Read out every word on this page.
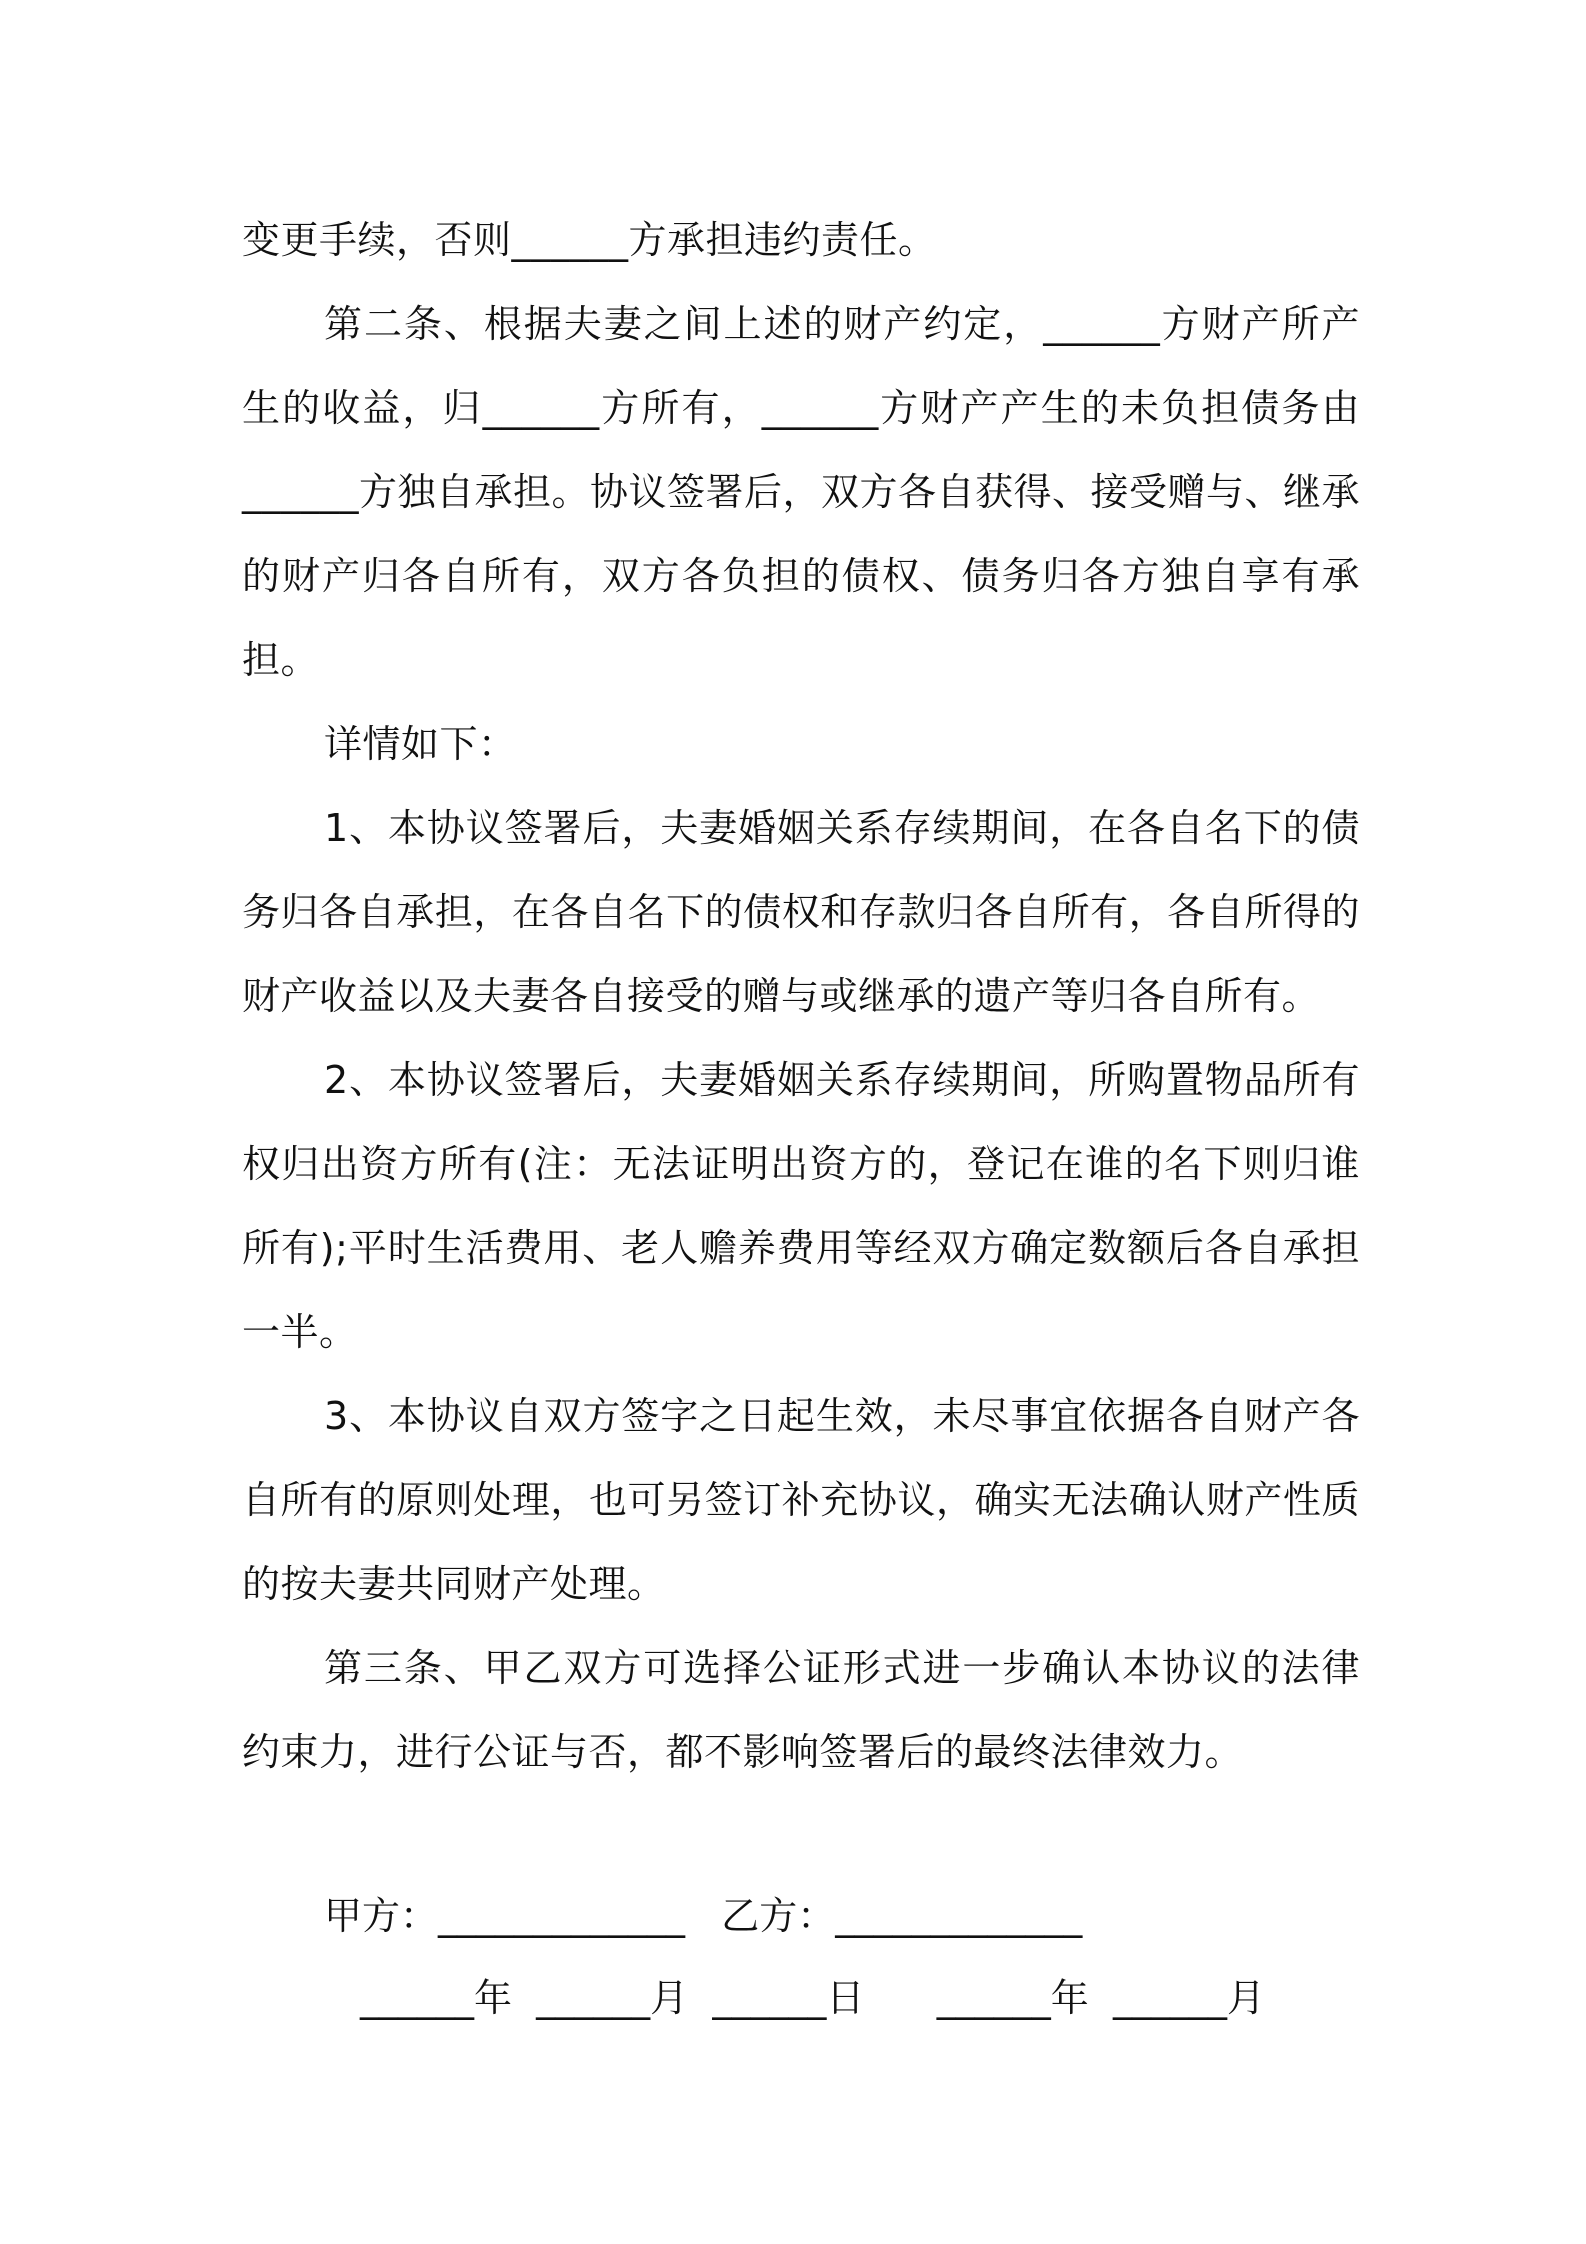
变更手续，否则______方承担违约责任。

第二条、根据夫妻之间上述的财产约定，______方财产所产生的收益，归______方所有，______方财产产生的未负担债务由______方独自承担。协议签署后，双方各自获得、接受赠与、继承的财产归各自所有，双方各负担的债权、债务归各方独自享有承担。

详情如下：

1、本协议签署后，夫妻婚姻关系存续期间，在各自名下的债务归各自承担，在各自名下的债权和存款归各自所有，各自所得的财产收益以及夫妻各自接受的赠与或继承的遗产等归各自所有。

2、本协议签署后，夫妻婚姻关系存续期间，所购置物品所有权归出资方所有(注：无法证明出资方的，登记在谁的名下则归谁所有);平时生活费用、老人赡养费用等经双方确定数额后各自承担一半。

3、本协议自双方签字之日起生效，未尽事宜依据各自财产各自所有的原则处理，也可另签订补充协议，确实无法确认财产性质的按夫妻共同财产处理。

第三条、甲乙双方可选择公证形式进一步确认本协议的法律约束力，进行公证与否，都不影响签署后的最终法律效力。

甲方：_____________   乙方：_____________
______年  ______月  ______日      ______年  ______月
